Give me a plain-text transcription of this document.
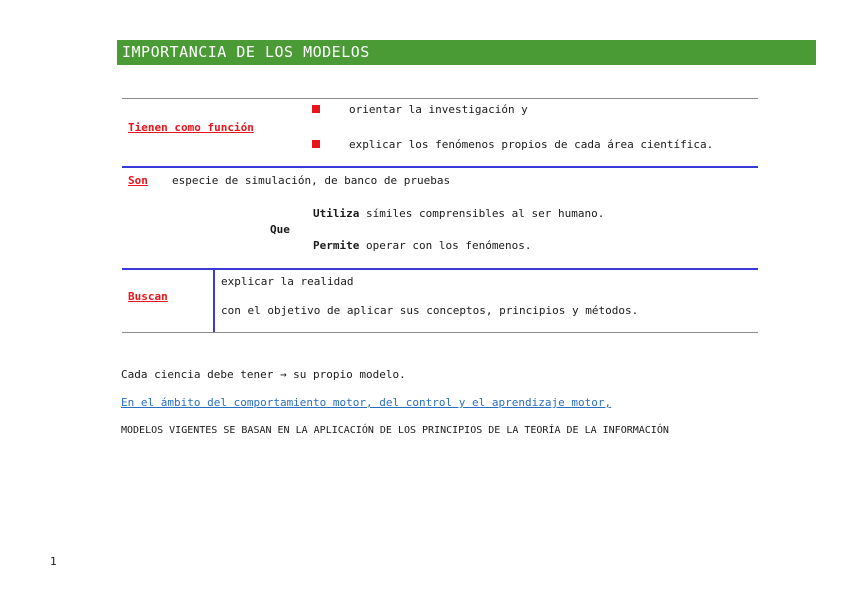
IMPORTANCIA DE LOS MODELOS
orientar la investigación y
Tienen como función
explicar los fenómenos propios de cada área científica.
Son especie de simulación, de banco de pruebas
Utiliza símiles comprensibles al ser humano.
Que
Permite operar con los fenómenos.
Buscan
explicar la realidad
con el objetivo de aplicar sus conceptos, principios y métodos.
Cada ciencia debe tener → su propio modelo.
En el ámbito del comportamiento motor, del control y el aprendizaje motor,
MODELOS VIGENTES SE BASAN EN LA APLICACIÓN DE LOS PRINCIPIOS DE LA TEORÍA DE LA INFORMACIÓN
1
